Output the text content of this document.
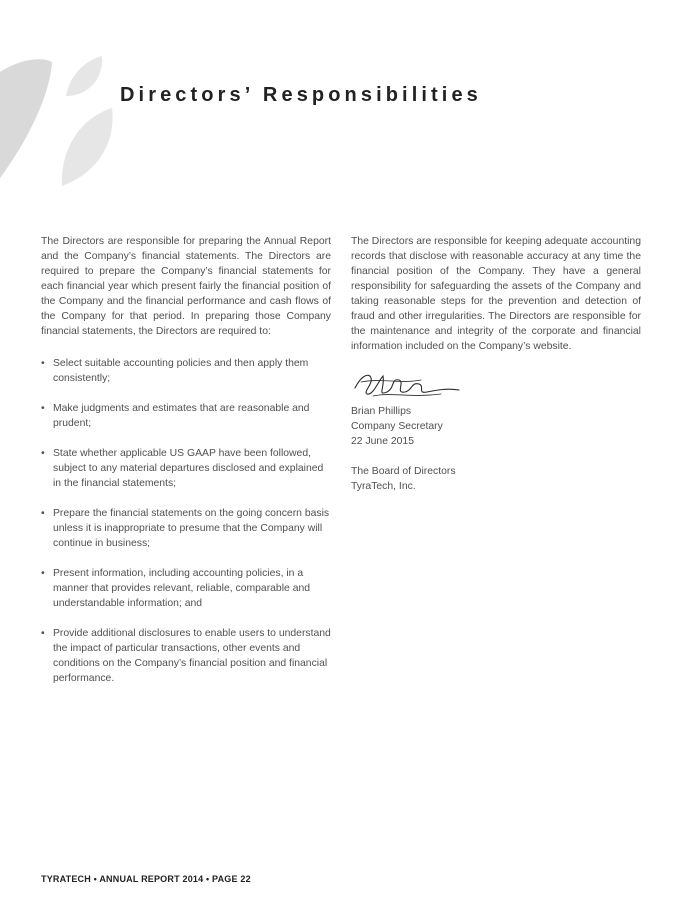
Directors’ Responsibilities

The Directors are responsible for preparing the Annual Report and the Company’s financial statements. The Directors are required to prepare the Company’s financial statements for each financial year which present fairly the financial position of the Company and the financial performance and cash flows of the Company for that period. In preparing those Company financial statements, the Directors are required to:

• Select suitable accounting policies and then apply them consistently;
• Make judgments and estimates that are reasonable and prudent;
• State whether applicable US GAAP have been followed, subject to any material departures disclosed and explained in the financial statements;
• Prepare the financial statements on the going concern basis unless it is inappropriate to presume that the Company will continue in business;
• Present information, including accounting policies, in a manner that provides relevant, reliable, comparable and understandable information; and
• Provide additional disclosures to enable users to understand the impact of particular transactions, other events and conditions on the Company’s financial position and financial performance.

The Directors are responsible for keeping adequate accounting records that disclose with reasonable accuracy at any time the financial position of the Company. They have a general responsibility for safeguarding the assets of the Company and taking reasonable steps for the prevention and detection of fraud and other irregularities. The Directors are responsible for the maintenance and integrity of the corporate and financial information included on the Company’s website.

Brian Phillips

Company Secretary

22 June 2015

The Board of Directors

TyraTech, Inc.

TYRATECH • ANNUAL REPORT 2014 • PAGE 22
